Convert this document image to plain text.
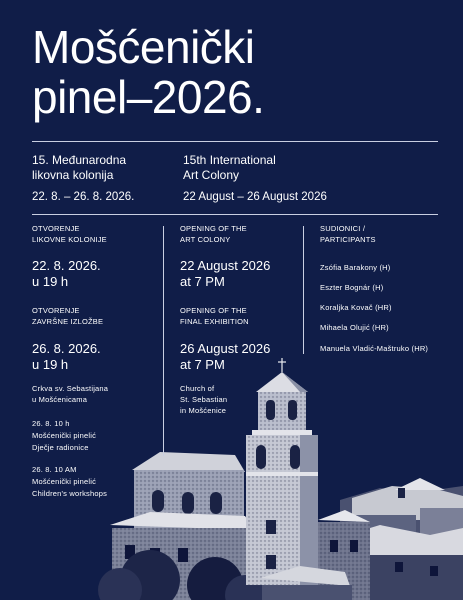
Mošćenički
pinel–2026.

15. Međunarodna

likovna kolonija

22. 8. – 26. 8. 2026.

15th International

Art Colony

22 August – 26 August 2026

OTVORENJE

LIKOVNE KOLONIJE

22. 8. 2026.

u 19 h

OTVORENJE

ZAVRŠNE IZLOŽBE

26. 8. 2026.

u 19 h

Crkva sv. Sebastijana

u Mošćenicama

26. 8. 10 h

Mošćenički pinelić

Dječje radionice

26. 8. 10 AM

Mošćenički pinelić

Children's workshops

OPENING OF THE

ART COLONY

22 August 2026

at 7 PM

OPENING OF THE

FINAL EXHIBITION

26 August 2026

at 7 PM

Church of

St. Sebastian

in Mošćenice

SUDIONICI /

PARTICIPANTS

Zsófia Barakony (H)

Eszter Bognár (H)

Koraljka Kovač (HR)

Mihaela Olujić (HR)

Manuela Vladić-Maštruko (HR)
